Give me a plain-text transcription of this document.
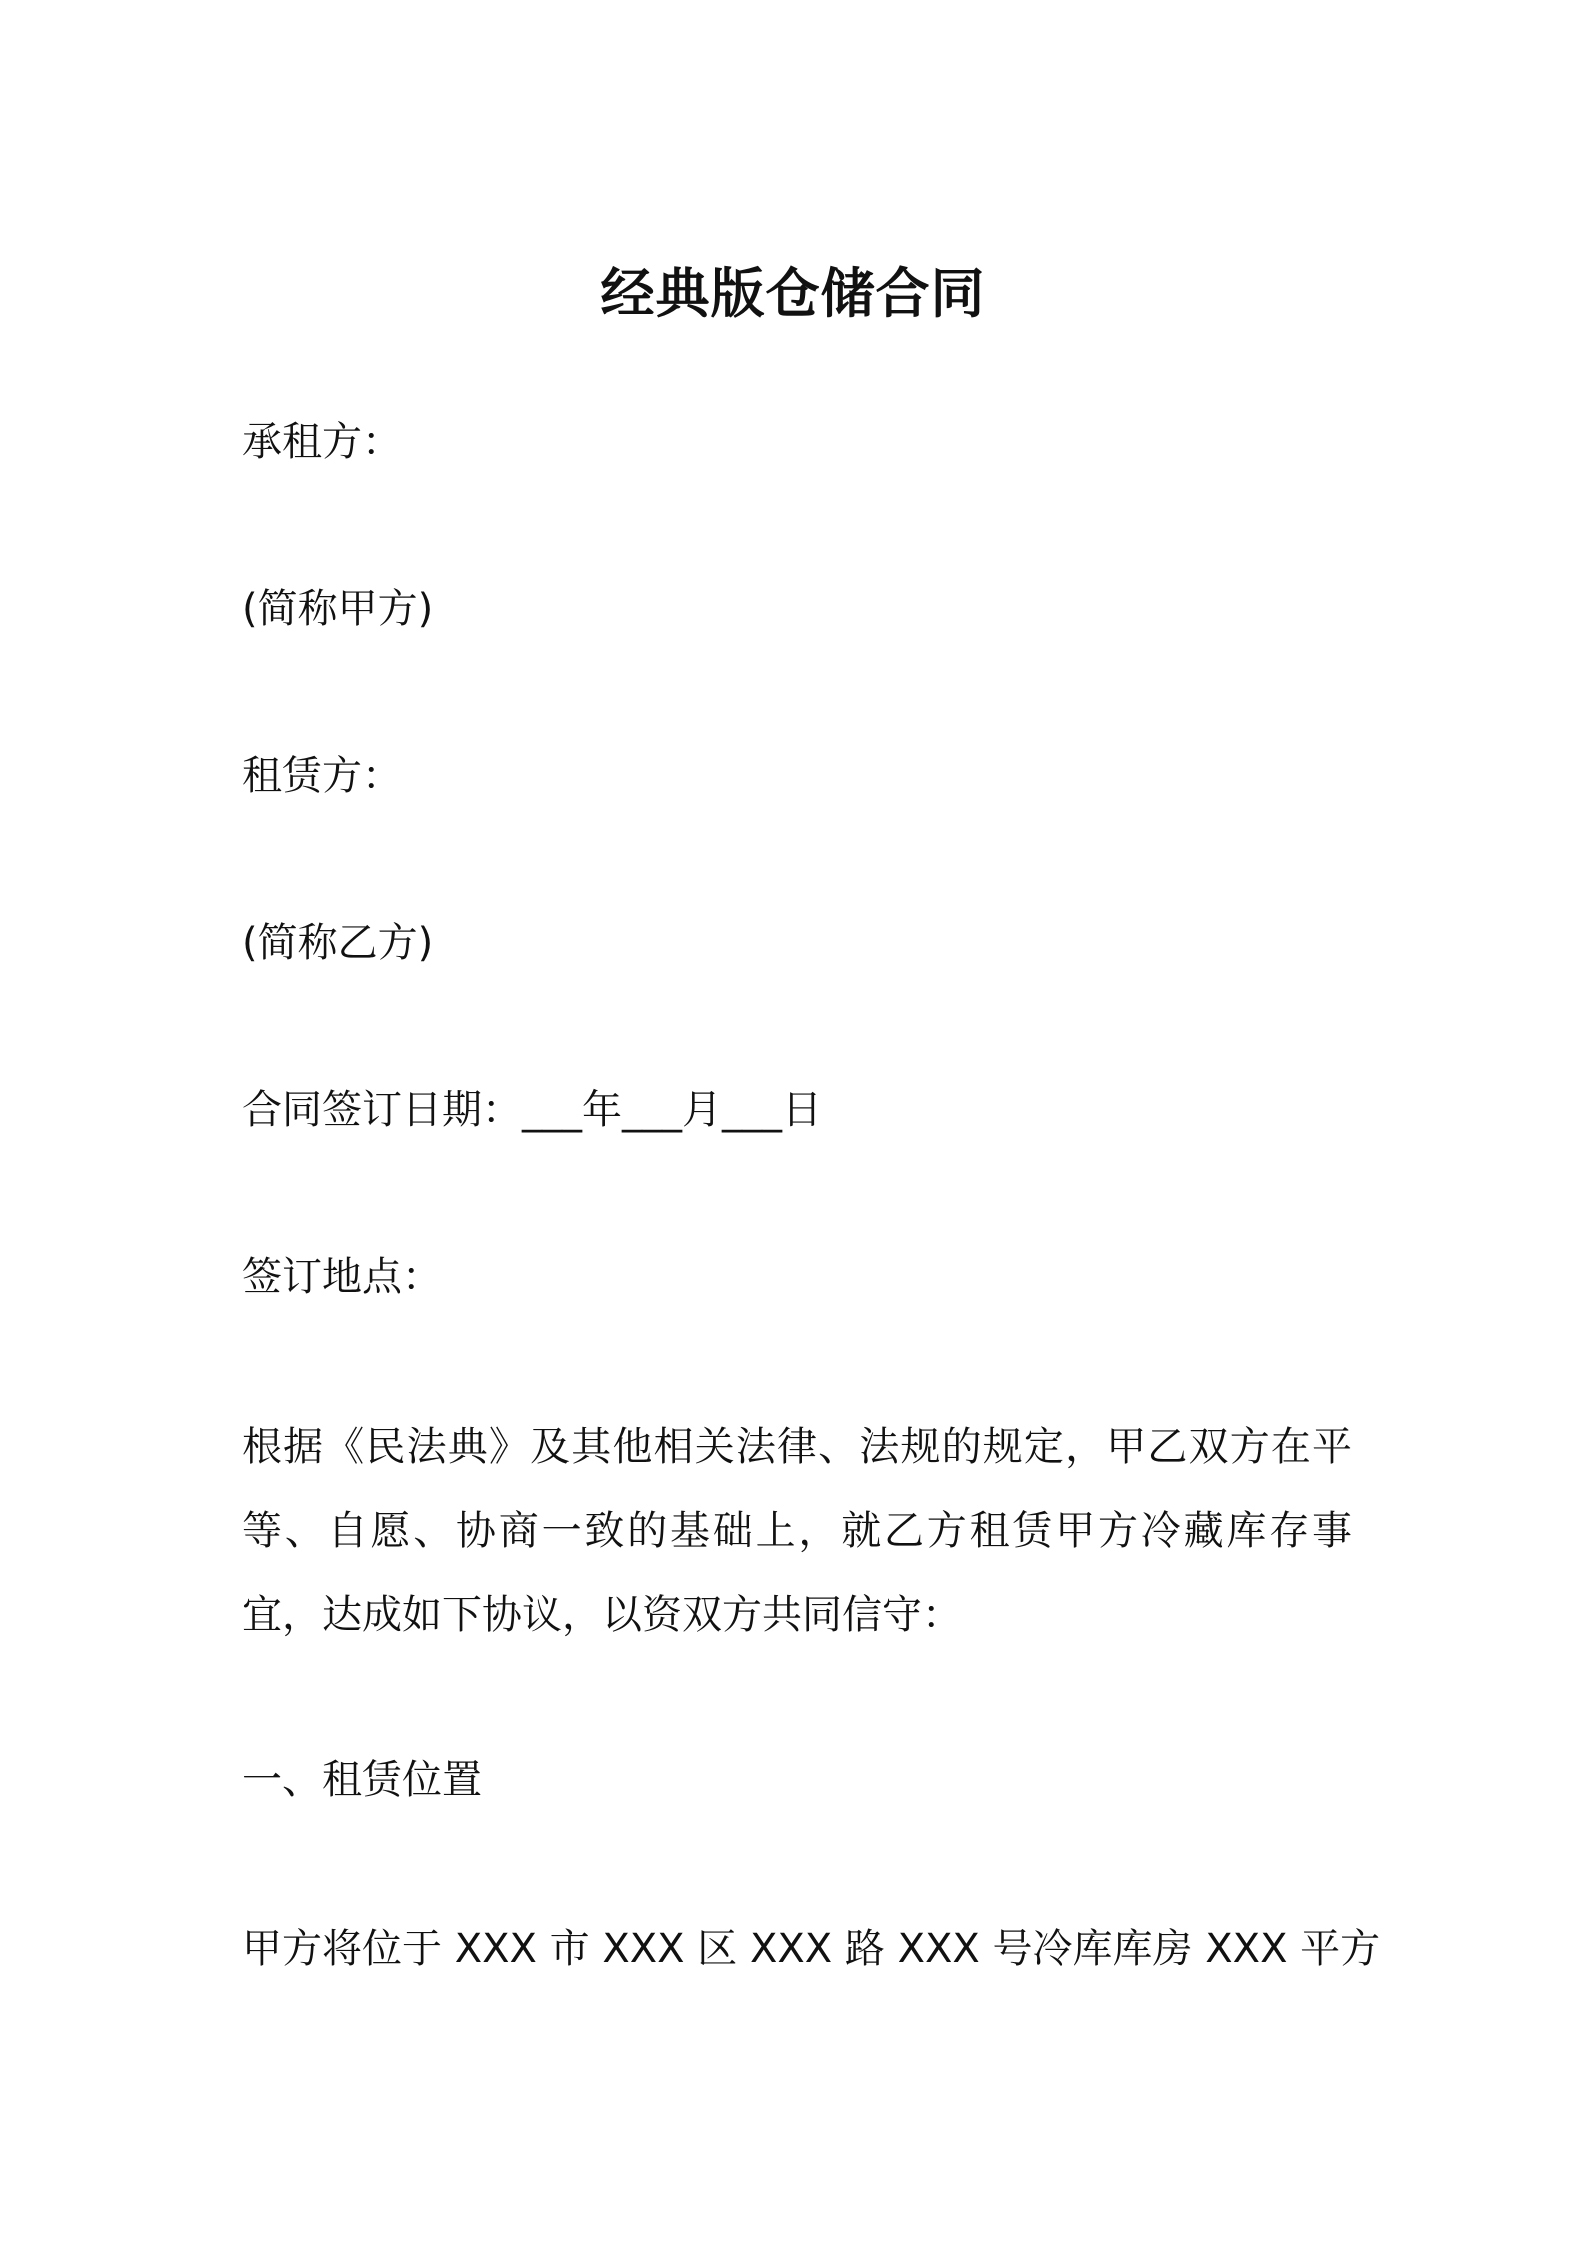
经典版仓储合同
承租方：
(简称甲方)
租赁方：
(简称乙方)
合同签订日期：___年___月___日
签订地点：
根据《民法典》及其他相关法律、法规的规定，甲乙双方在平等、自愿、协商一致的基础上，就乙方租赁甲方冷藏库存事宜，达成如下协议，以资双方共同信守：
一、租赁位置
甲方将位于 XXX 市 XXX 区 XXX 路 XXX 号冷库库房 XXX 平方
